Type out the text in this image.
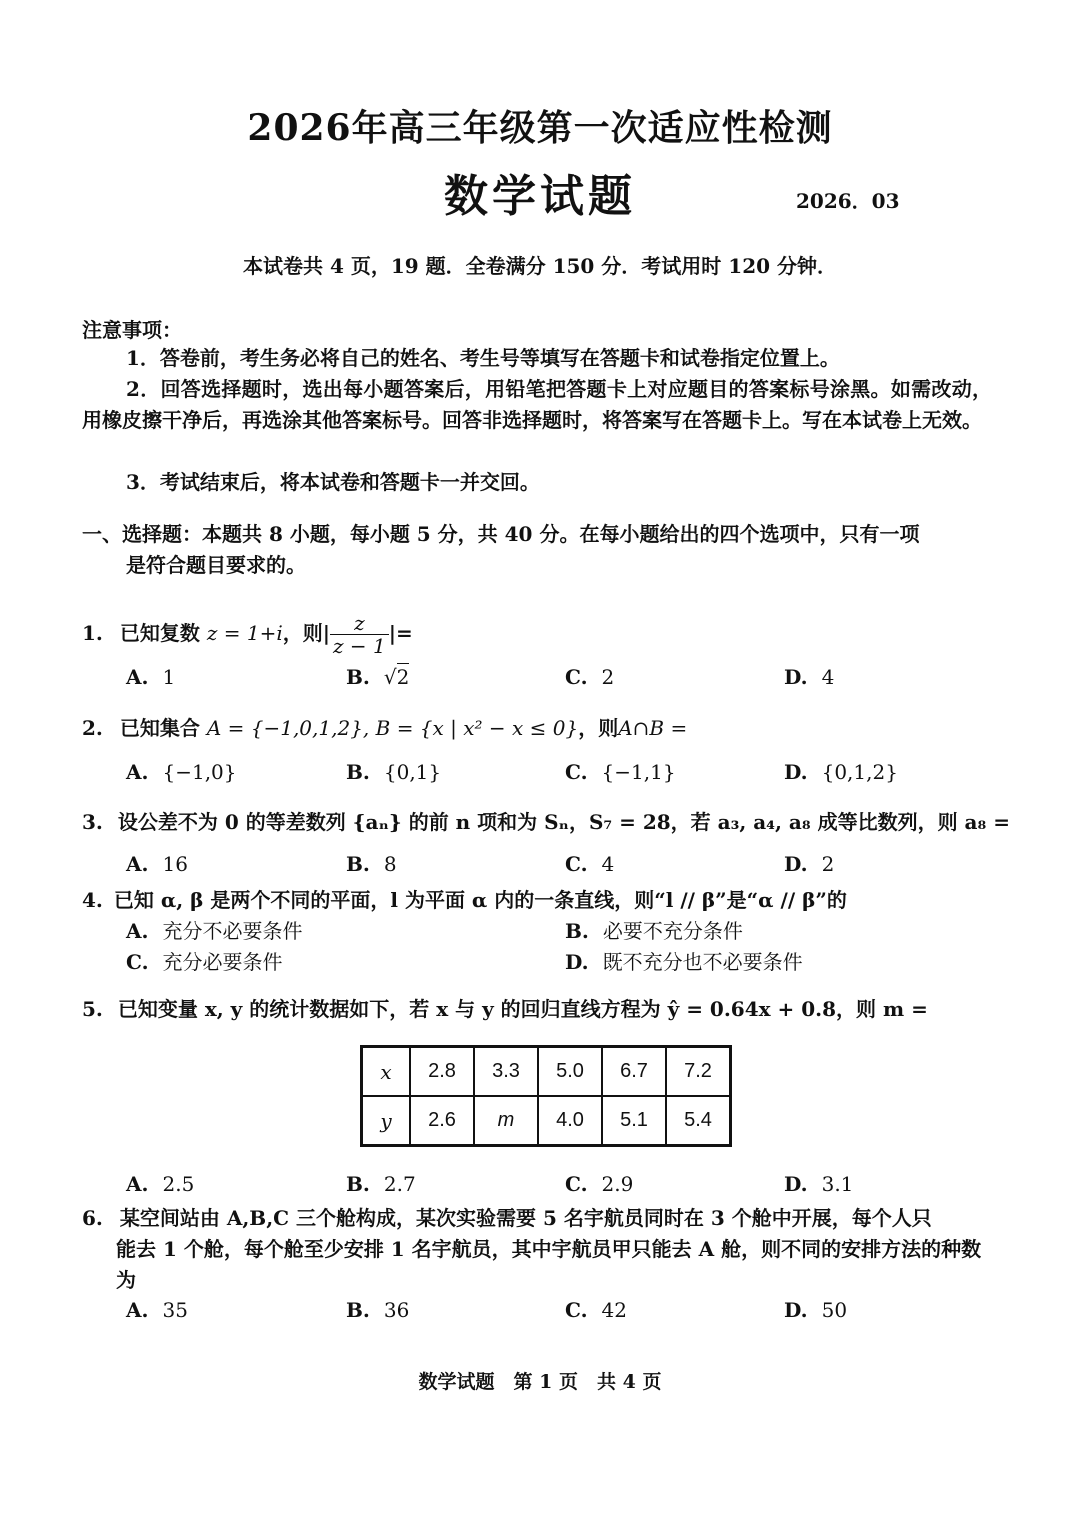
2026年高三年级第一次适应性检测
数学试题	2026．03
本试卷共 4 页，19 题．全卷满分 150 分．考试用时 120 分钟．
注意事项：
1．答卷前，考生务必将自己的姓名、考生号等填写在答题卡和试卷指定位置上。
2．回答选择题时，选出每小题答案后，用铅笔把答题卡上对应题目的答案标号涂黑。如需改动，用橡皮擦干净后，再选涂其他答案标号。回答非选择题时，将答案写在答题卡上。写在本试卷上无效。
3．考试结束后，将本试卷和答题卡一并交回。
一、选择题：本题共 8 小题，每小题 5 分，共 40 分。在每小题给出的四个选项中，只有一项
是符合题目要求的。
1. 已知复数 z = 1+i，则| $\frac{z}{z - 1}$ |=
A. 1	B. √2	C. 2	D. 4
2. 已知集合 A = {−1,0,1,2}, B = {x | x² − x ≤ 0}，则A∩B =
A. {−1,0}	B. {0,1}	C. {−1,1}	D. {0,1,2}
3. 设公差不为 0 的等差数列 {aₙ} 的前 n 项和为 Sₙ，S₇ = 28，若 a₃, a₄, a₈ 成等比数列，则 a₈ =
A. 16	B. 8	C. 4	D. 2
4. 已知 α, β 是两个不同的平面，l 为平面 α 内的一条直线，则“l // β”是“α // β”的
A. 充分不必要条件	B. 必要不充分条件
C. 充分必要条件	D. 既不充分也不必要条件
5. 已知变量 x, y 的统计数据如下，若 x 与 y 的回归直线方程为 ŷ = 0.64x + 0.8，则 m =
x	2.8	3.3	5.0	6.7	7.2
y	2.6	m	4.0	5.1	5.4
A. 2.5	B. 2.7	C. 2.9	D. 3.1
6. 某空间站由 A,B,C 三个舱构成，某次实验需要 5 名宇航员同时在 3 个舱中开展，每个人只
能去 1 个舱，每个舱至少安排 1 名宇航员，其中宇航员甲只能去 A 舱，则不同的安排方法的种数为
A. 35	B. 36	C. 42	D. 50
数学试题　第 1 页　共 4 页
